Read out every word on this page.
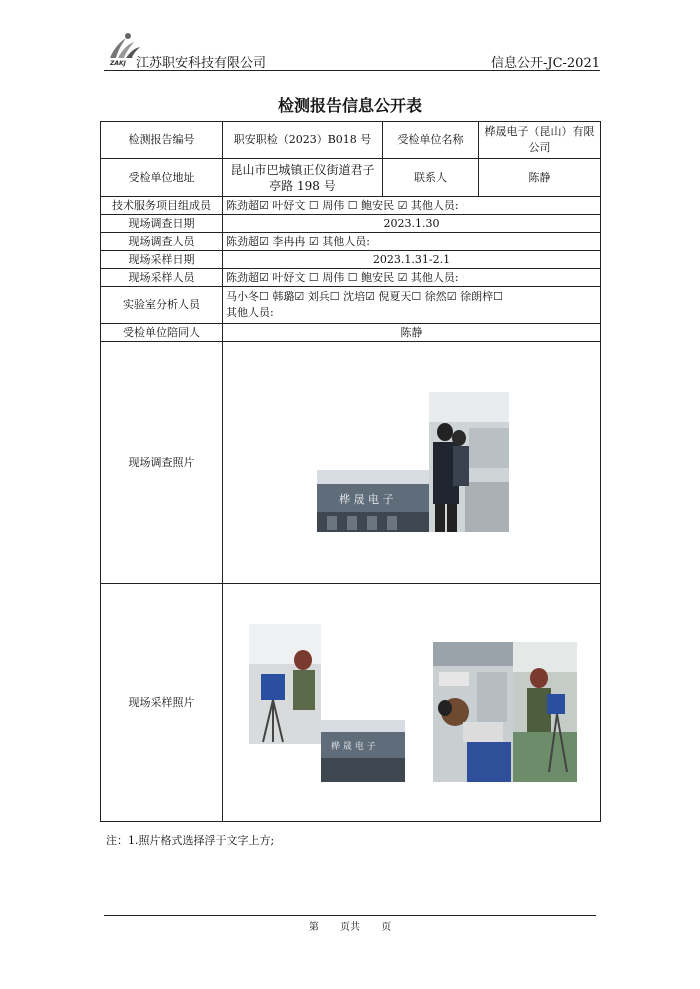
ZAKJ 江苏职安科技有限公司	信息公开-JC-2021
检测报告信息公开表
检测报告编号	职安职检（2023）B018 号	受检单位名称	桦晟电子（昆山）有限公司
受检单位地址	昆山市巴城镇正仪街道君子亭路 198 号	联系人	陈静
技术服务项目组成员	陈劲超☑ 叶妤文 ☐ 周伟 ☐ 鲍安民 ☑ 其他人员:		
现场调查日期	2023.1.30		
现场调查人员	陈劲超☑ 李冉冉 ☑ 其他人员:		
现场采样日期	2023.1.31-2.1		
现场采样人员	陈劲超☑ 叶妤文 ☐ 周伟 ☐ 鲍安民 ☑ 其他人员:		
实验室分析人员	马小冬☐ 韩璐☑ 刘兵☐ 沈培☑ 倪夏天☐ 徐然☑ 徐朗梓☐
其他人员:		

受检单位陪同人	陈静		
现场调查照片	桦 晟 电 子		

现场采样照片	桦 晟 电 子		
注：1.照片格式选择浮于文字上方;
第 页共 页
